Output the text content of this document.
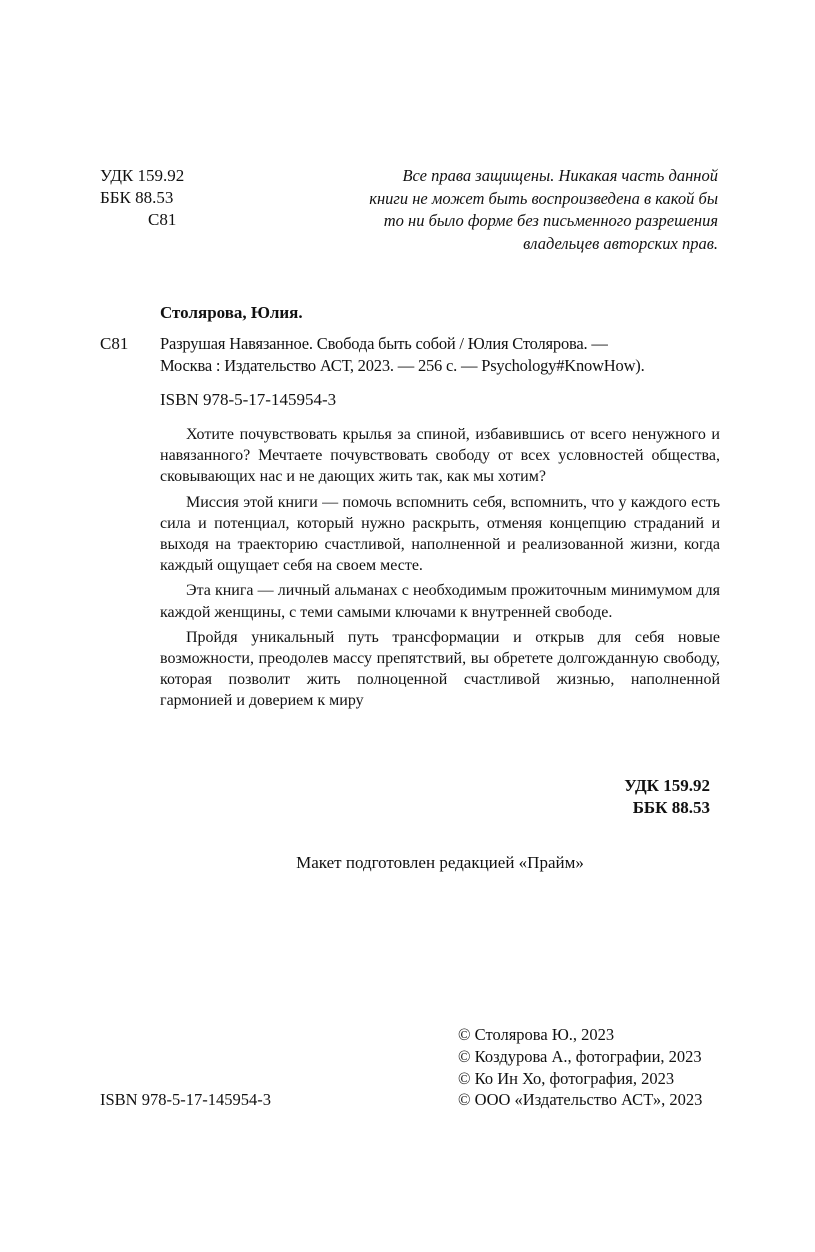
УДК 159.92
ББК 88.53
С81
Все права защищены. Никакая часть данной
книги не может быть воспроизведена в какой бы
то ни было форме без письменного разрешения
владельцев авторских прав.
Столярова, Юлия.
С81 Разрушая Навязанное. Свобода быть собой / Юлия Столярова. —
Москва : Издательство АСТ, 2023. — 256 с. — Psychology#KnowHow).
ISBN 978-5-17-145954-3

Хотите почувствовать крылья за спиной, избавившись от всего ненужного и навязанного? Мечтаете почувствовать свободу от всех условностей общества, сковывающих нас и не дающих жить так, как мы хотим?

Миссия этой книги — помочь вспомнить себя, вспомнить, что у каждого есть сила и потенциал, который нужно раскрыть, отменяя концепцию страданий и выходя на траекторию счастливой, наполненной и реализованной жизни, когда каждый ощущает себя на своем месте.

Эта книга — личный альманах с необходимым прожиточным минимумом для каждой женщины, с теми самыми ключами к внутренней свободе.

Пройдя уникальный путь трансформации и открыв для себя новые возможности, преодолев массу препятствий, вы обретете долгожданную свободу, которая позволит жить полноценной счастливой жизнью, наполненной гармонией и доверием к миру

УДК 159.92
ББК 88.53
Макет подготовлен редакцией «Прайм»
ISBN 978-5-17-145954-3
© Столярова Ю., 2023
© Коздурова А., фотографии, 2023
© Ко Ин Хо, фотография, 2023
© ООО «Издательство АСТ», 2023
